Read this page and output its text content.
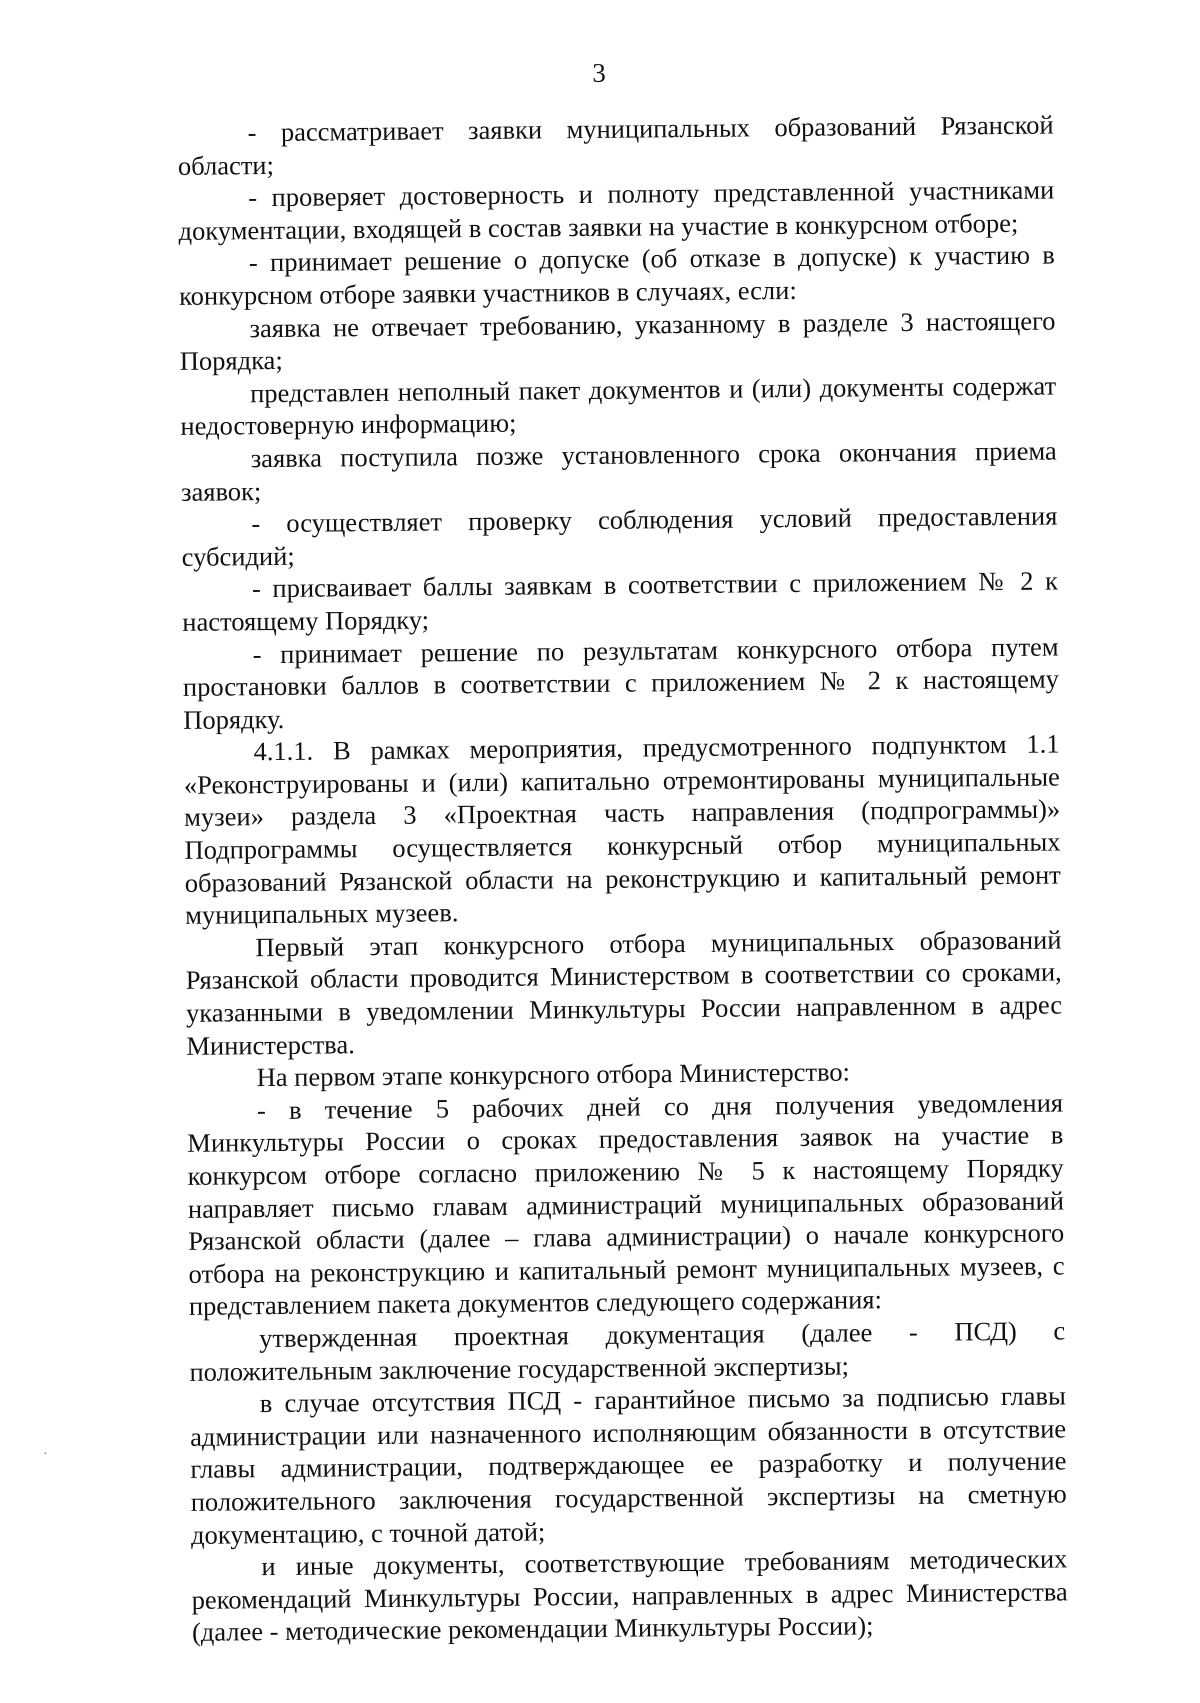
3

- рассматривает заявки муниципальных образований Рязанской области;

- проверяет достоверность и полноту представленной участниками документации, входящей в состав заявки на участие в конкурсном отборе;

- принимает решение о допуске (об отказе в допуске) к участию в конкурсном отборе заявки участников в случаях, если:

заявка не отвечает требованию, указанному в разделе 3 настоящего Порядка;

представлен неполный пакет документов и (или) документы содержат недостоверную информацию;

заявка поступила позже установленного срока окончания приема заявок;

- осуществляет проверку соблюдения условий предоставления субсидий;

- присваивает баллы заявкам в соответствии с приложением № 2 к настоящему Порядку;

- принимает решение по результатам конкурсного отбора путем простановки баллов в соответствии с приложением № 2 к настоящему Порядку.

4.1.1. В рамках мероприятия, предусмотренного подпунктом 1.1 «Реконструированы и (или) капитально отремонтированы муниципальные музеи» раздела 3 «Проектная часть направления (подпрограммы)» Подпрограммы осуществляется конкурсный отбор муниципальных образований Рязанской области на реконструкцию и капитальный ремонт муниципальных музеев.

Первый этап конкурсного отбора муниципальных образований Рязанской области проводится Министерством в соответствии со сроками, указанными в уведомлении Минкультуры России направленном в адрес Министерства.

На первом этапе конкурсного отбора Министерство:

- в течение 5 рабочих дней со дня получения уведомления Минкультуры России о сроках предоставления заявок на участие в конкурсом отборе согласно приложению № 5 к настоящему Порядку направляет письмо главам администраций муниципальных образований Рязанской области (далее – глава администрации) о начале конкурсного отбора на реконструкцию и капитальный ремонт муниципальных музеев, с представлением пакета документов следующего содержания:

утвержденная проектная документация (далее - ПСД) с положительным заключение государственной экспертизы;

в случае отсутствия ПСД - гарантийное письмо за подписью главы администрации или назначенного исполняющим обязанности в отсутствие главы администрации, подтверждающее ее разработку и получение положительного заключения государственной экспертизы на сметную документацию, с точной датой;

и иные документы, соответствующие требованиям методических рекомендаций Минкультуры России, направленных в адрес Министерства (далее - методические рекомендации Минкультуры России);
